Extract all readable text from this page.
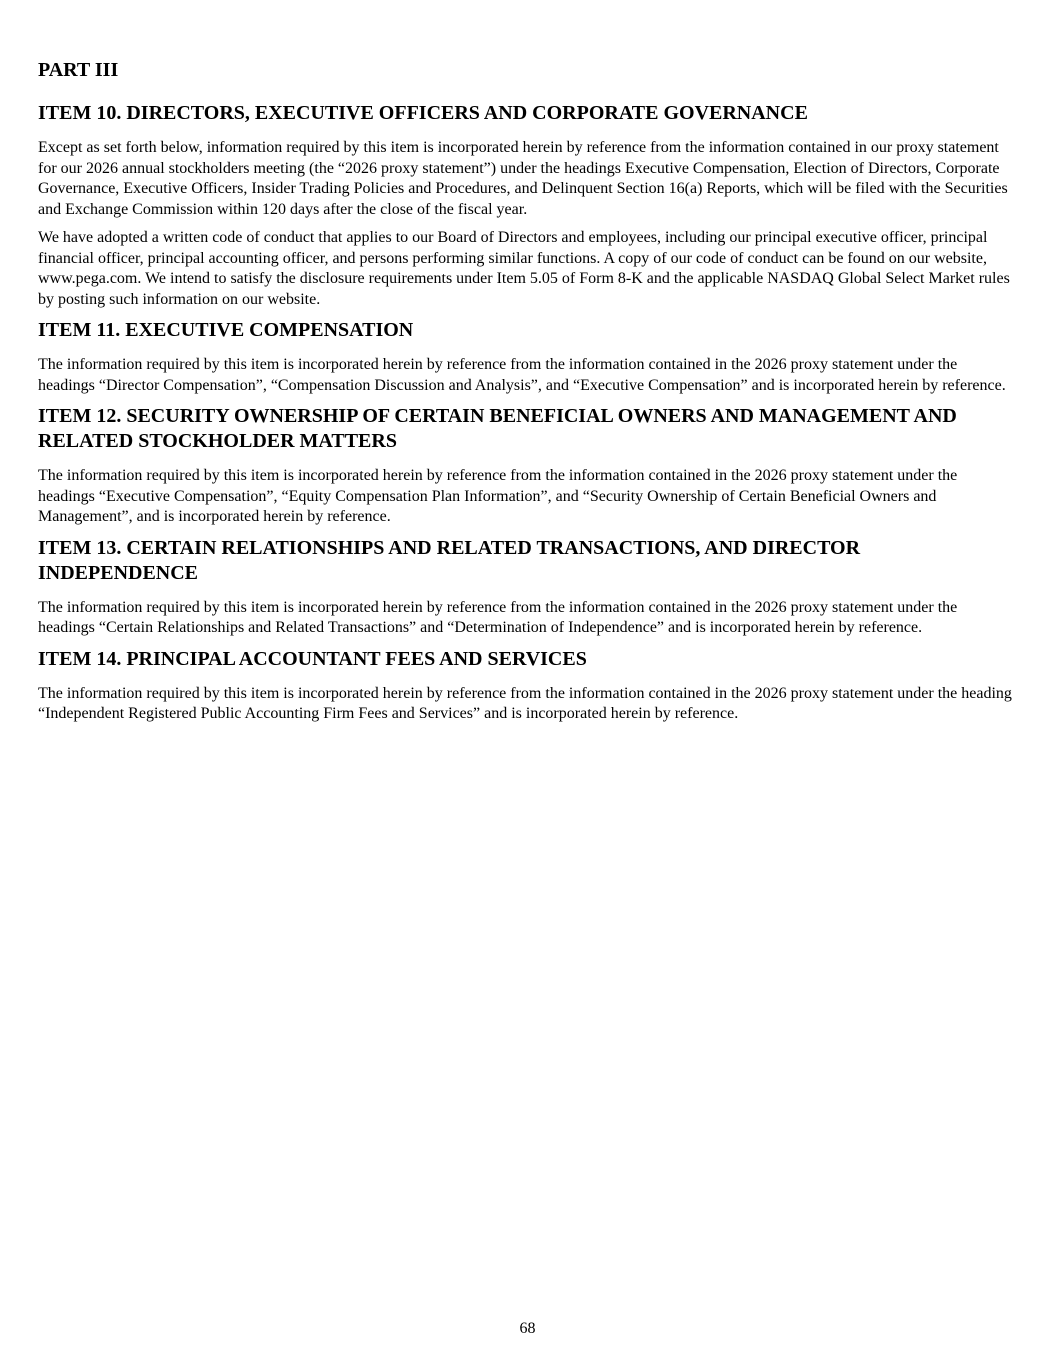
PART III
ITEM 10. DIRECTORS, EXECUTIVE OFFICERS AND CORPORATE GOVERNANCE

Except as set forth below, information required by this item is incorporated herein by reference from the information contained in our proxy statement for our 2026 annual stockholders meeting (the “2026 proxy statement”) under the headings Executive Compensation, Election of Directors, Corporate Governance, Executive Officers, Insider Trading Policies and Procedures, and Delinquent Section 16(a) Reports, which will be filed with the Securities and Exchange Commission within 120 days after the close of the fiscal year.

We have adopted a written code of conduct that applies to our Board of Directors and employees, including our principal executive officer, principal financial officer, principal accounting officer, and persons performing similar functions. A copy of our code of conduct can be found on our website, www.pega.com. We intend to satisfy the disclosure requirements under Item 5.05 of Form 8-K and the applicable NASDAQ Global Select Market rules by posting such information on our website.

ITEM 11. EXECUTIVE COMPENSATION

The information required by this item is incorporated herein by reference from the information contained in the 2026 proxy statement under the headings “Director Compensation”, “Compensation Discussion and Analysis”, and “Executive Compensation” and is incorporated herein by reference.

ITEM 12. SECURITY OWNERSHIP OF CERTAIN BENEFICIAL OWNERS AND MANAGEMENT AND RELATED STOCKHOLDER MATTERS

The information required by this item is incorporated herein by reference from the information contained in the 2026 proxy statement under the headings “Executive Compensation”, “Equity Compensation Plan Information”, and “Security Ownership of Certain Beneficial Owners and Management”, and is incorporated herein by reference.

ITEM 13. CERTAIN RELATIONSHIPS AND RELATED TRANSACTIONS, AND DIRECTOR INDEPENDENCE

The information required by this item is incorporated herein by reference from the information contained in the 2026 proxy statement under the headings “Certain Relationships and Related Transactions” and “Determination of Independence” and is incorporated herein by reference.

ITEM 14. PRINCIPAL ACCOUNTANT FEES AND SERVICES

The information required by this item is incorporated herein by reference from the information contained in the 2026 proxy statement under the heading “Independent Registered Public Accounting Firm Fees and Services” and is incorporated herein by reference.

68
